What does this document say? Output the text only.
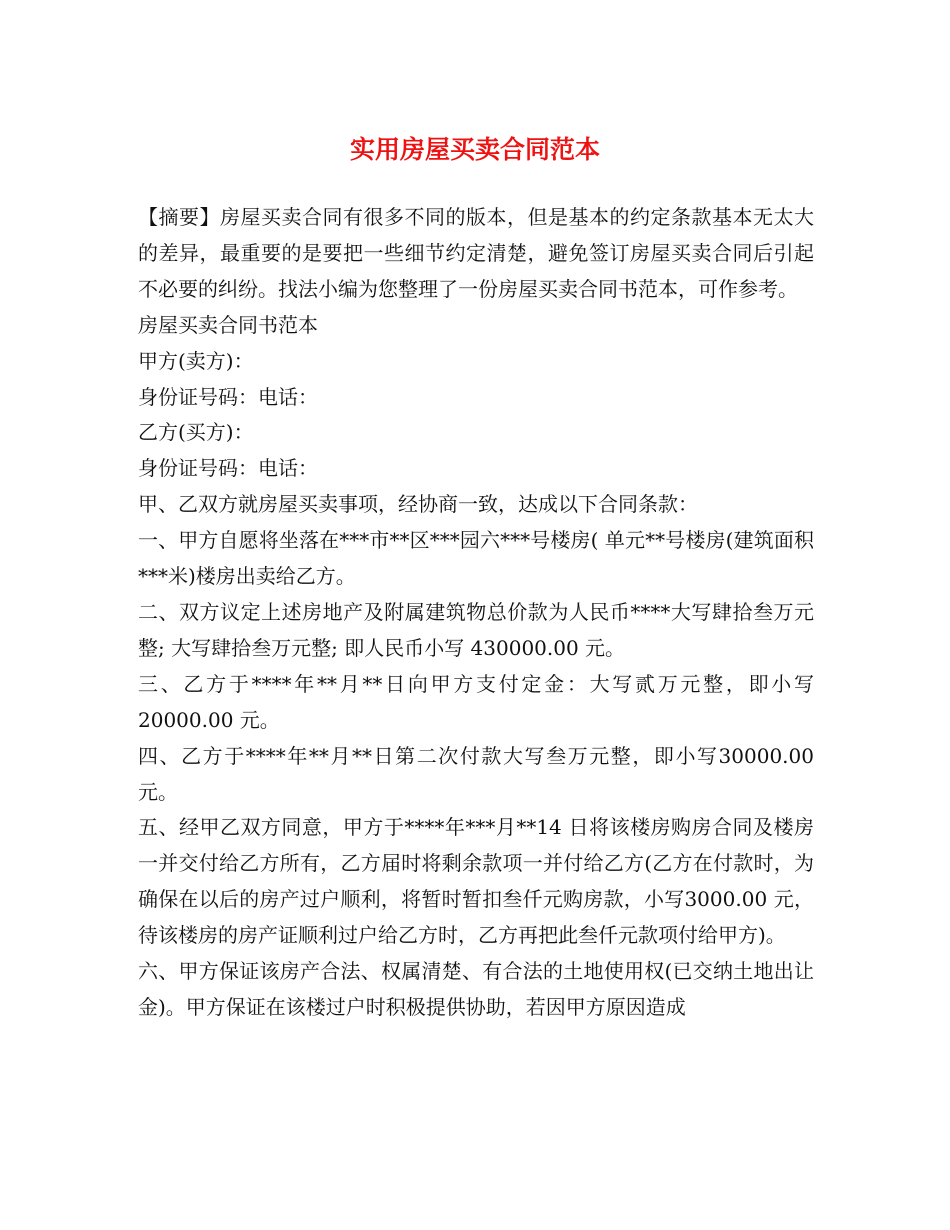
实用房屋买卖合同范本

【摘要】房屋买卖合同有很多不同的版本，但是基本的约定条款基本无太大的差异，最重要的是要把一些细节约定清楚，避免签订房屋买卖合同后引起不必要的纠纷。找法小编为您整理了一份房屋买卖合同书范本，可作参考。

房屋买卖合同书范本

甲方(卖方)：

身份证号码：电话：

乙方(买方)：

身份证号码：电话：

甲、乙双方就房屋买卖事项，经协商一致，达成以下合同条款：

一、甲方自愿将坐落在***市**区***园六***号楼房( 单元**号楼房(建筑面积***米)楼房出卖给乙方。

二、双方议定上述房地产及附属建筑物总价款为人民币****大写肆拾叁万元整; 大写肆拾叁万元整; 即人民币小写 430000.00 元。

三、乙方于****年**月**日向甲方支付定金：大写贰万元整，即小写20000.00 元。

四、乙方于****年**月**日第二次付款大写叁万元整，即小写30000.00 元。

五、经甲乙双方同意，甲方于****年***月**14 日将该楼房购房合同及楼房一并交付给乙方所有，乙方届时将剩余款项一并付给乙方(乙方在付款时，为确保在以后的房产过户顺利，将暂时暂扣叁仟元购房款，小写3000.00 元，待该楼房的房产证顺利过户给乙方时，乙方再把此叁仟元款项付给甲方)。

六、甲方保证该房产合法、权属清楚、有合法的土地使用权(已交纳土地出让金)。甲方保证在该楼过户时积极提供协助，若因甲方原因造成
